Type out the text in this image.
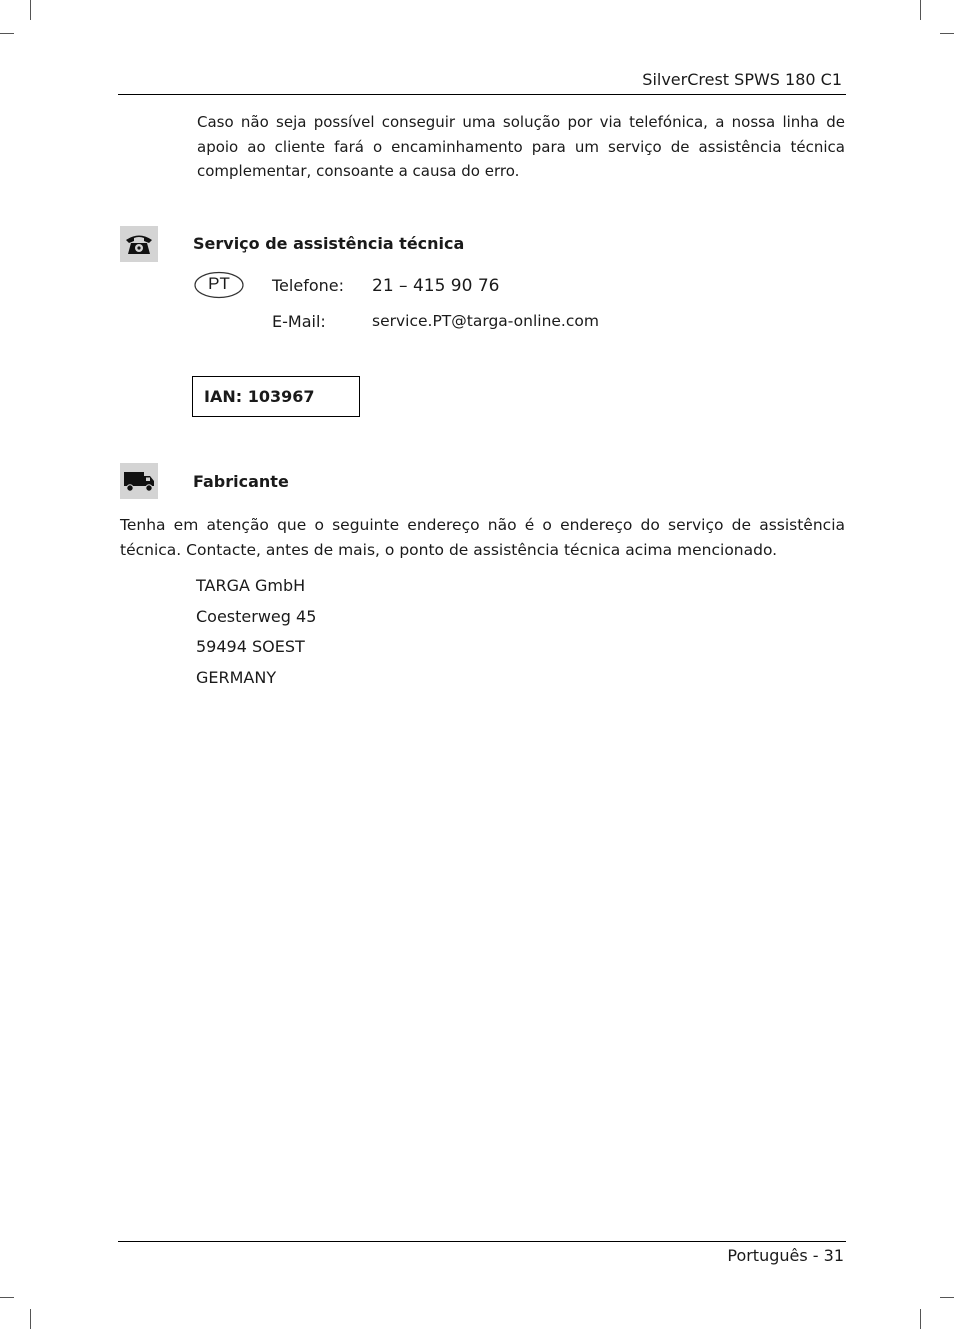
SilverCrest SPWS 180 C1
Caso não seja possível conseguir uma solução por via telefónica, a nossa linha de apoio ao cliente fará o encaminhamento para um serviço de assistência técnica complementar, consoante a causa do erro.
Serviço de assistência técnica
PT	Telefone: 21 – 415 90 76
E-Mail:	service.PT@targa-online.com
IAN: 103967
Fabricante
Tenha em atenção que o seguinte endereço não é o endereço do serviço de assistência técnica. Contacte, antes de mais, o ponto de assistência técnica acima mencionado.
TARGA GmbH
Coesterweg 45
59494 SOEST
GERMANY
Português - 31
